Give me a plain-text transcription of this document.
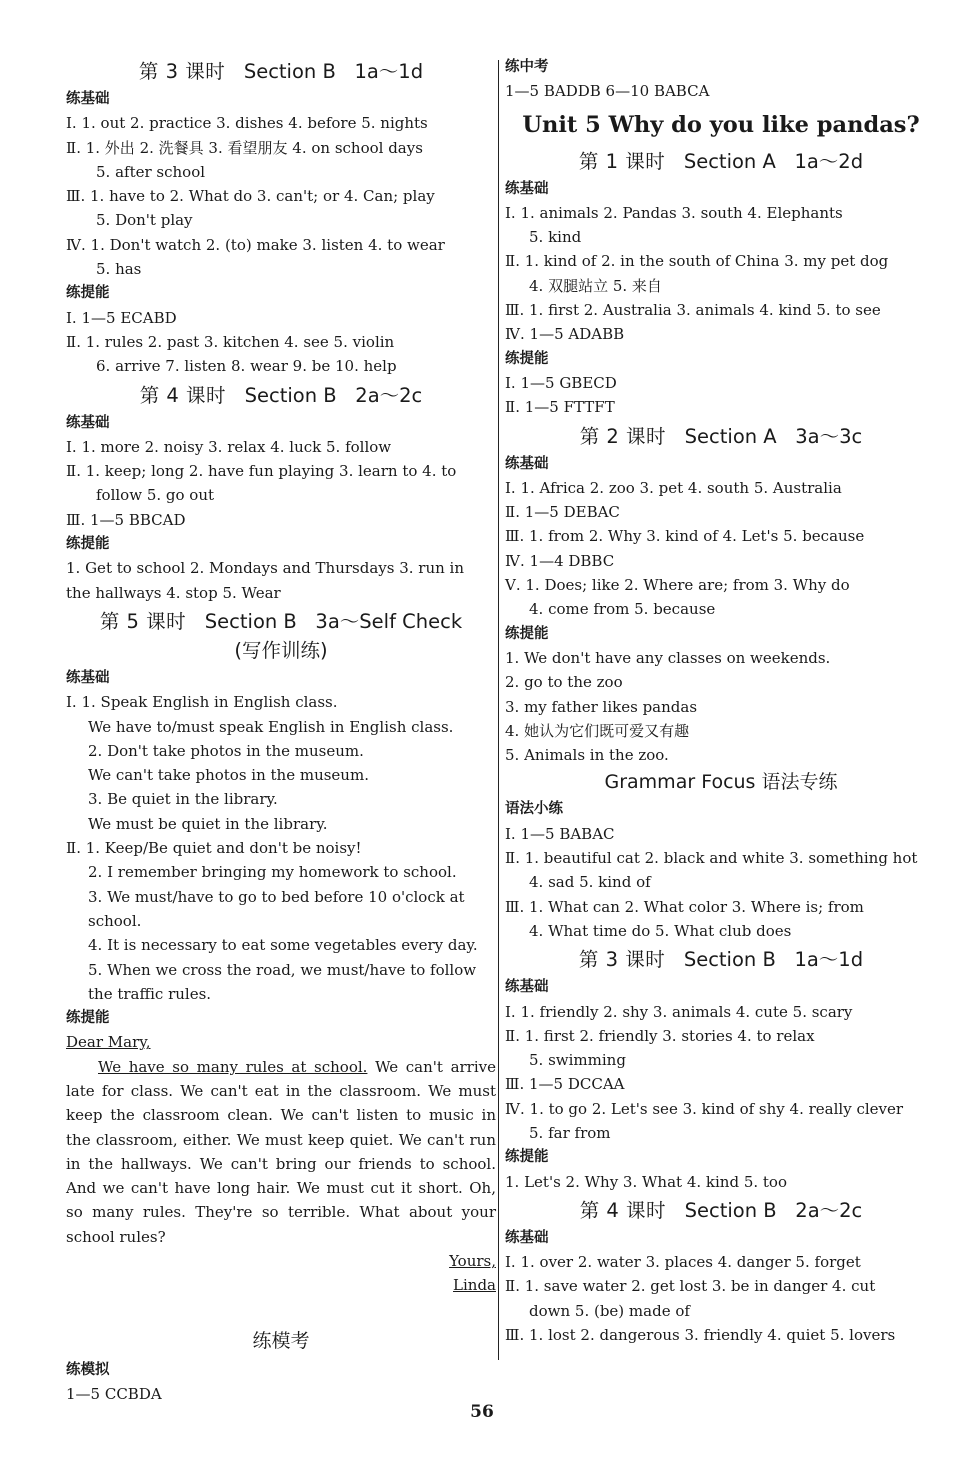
第 3 课时 Section B 1a～1d
练基础
Ⅰ. 1. out 2. practice 3. dishes 4. before 5. nights
Ⅱ. 1. 外出 2. 洗餐具 3. 看望朋友 4. on school days
5. after school
Ⅲ. 1. have to 2. What do 3. can't; or 4. Can; play
5. Don't play
Ⅳ. 1. Don't watch 2. (to) make 3. listen 4. to wear
5. has
练提能
Ⅰ. 1—5 ECABD
Ⅱ. 1. rules 2. past 3. kitchen 4. see 5. violin
6. arrive 7. listen 8. wear 9. be 10. help
第 4 课时 Section B 2a～2c
练基础
Ⅰ. 1. more 2. noisy 3. relax 4. luck 5. follow
Ⅱ. 1. keep; long 2. have fun playing 3. learn to 4. to
follow 5. go out
Ⅲ. 1—5 BBCAD
练提能
1. Get to school 2. Mondays and Thursdays 3. run in
the hallways 4. stop 5. Wear
第 5 课时 Section B 3a～Self Check
(写作训练)
练基础
Ⅰ. 1. Speak English in English class.
We have to/must speak English in English class.
2. Don't take photos in the museum.
We can't take photos in the museum.
3. Be quiet in the library.
We must be quiet in the library.
Ⅱ. 1. Keep/Be quiet and don't be noisy!
2. I remember bringing my homework to school.
3. We must/have to go to bed before 10 o'clock at
school.
4. It is necessary to eat some vegetables every day.
5. When we cross the road, we must/have to follow
the traffic rules.
练提能
Dear Mary,
We have so many rules at school. We can't arrive late for class. We can't eat in the classroom. We must keep the classroom clean. We can't listen to music in the classroom, either. We must keep quiet. We can't run in the hallways. We can't bring our friends to school. And we can't have long hair. We must cut it short. Oh, so many rules. They're so terrible. What about your school rules?
Yours,
Linda
练模考
练模拟
1—5 CCBDA
练中考
1—5 BADDB 6—10 BABCA
Unit 5 Why do you like pandas?
第 1 课时 Section A 1a～2d
练基础
Ⅰ. 1. animals 2. Pandas 3. south 4. Elephants
5. kind
Ⅱ. 1. kind of 2. in the south of China 3. my pet dog
4. 双腿站立 5. 来自
Ⅲ. 1. first 2. Australia 3. animals 4. kind 5. to see
Ⅳ. 1—5 ADABB
练提能
Ⅰ. 1—5 GBECD
Ⅱ. 1—5 FTTFT
第 2 课时 Section A 3a～3c
练基础
Ⅰ. 1. Africa 2. zoo 3. pet 4. south 5. Australia
Ⅱ. 1—5 DEBAC
Ⅲ. 1. from 2. Why 3. kind of 4. Let's 5. because
Ⅳ. 1—4 DBBC
Ⅴ. 1. Does; like 2. Where are; from 3. Why do
4. come from 5. because
练提能
1. We don't have any classes on weekends.
2. go to the zoo
3. my father likes pandas
4. 她认为它们既可爱又有趣
5. Animals in the zoo.
Grammar Focus 语法专练
语法小练
Ⅰ. 1—5 BABAC
Ⅱ. 1. beautiful cat 2. black and white 3. something hot
4. sad 5. kind of
Ⅲ. 1. What can 2. What color 3. Where is; from
4. What time do 5. What club does
第 3 课时 Section B 1a～1d
练基础
Ⅰ. 1. friendly 2. shy 3. animals 4. cute 5. scary
Ⅱ. 1. first 2. friendly 3. stories 4. to relax
5. swimming
Ⅲ. 1—5 DCCAA
Ⅳ. 1. to go 2. Let's see 3. kind of shy 4. really clever
5. far from
练提能
1. Let's 2. Why 3. What 4. kind 5. too
第 4 课时 Section B 2a～2c
练基础
Ⅰ. 1. over 2. water 3. places 4. danger 5. forget
Ⅱ. 1. save water 2. get lost 3. be in danger 4. cut
down 5. (be) made of
Ⅲ. 1. lost 2. dangerous 3. friendly 4. quiet 5. lovers
56
